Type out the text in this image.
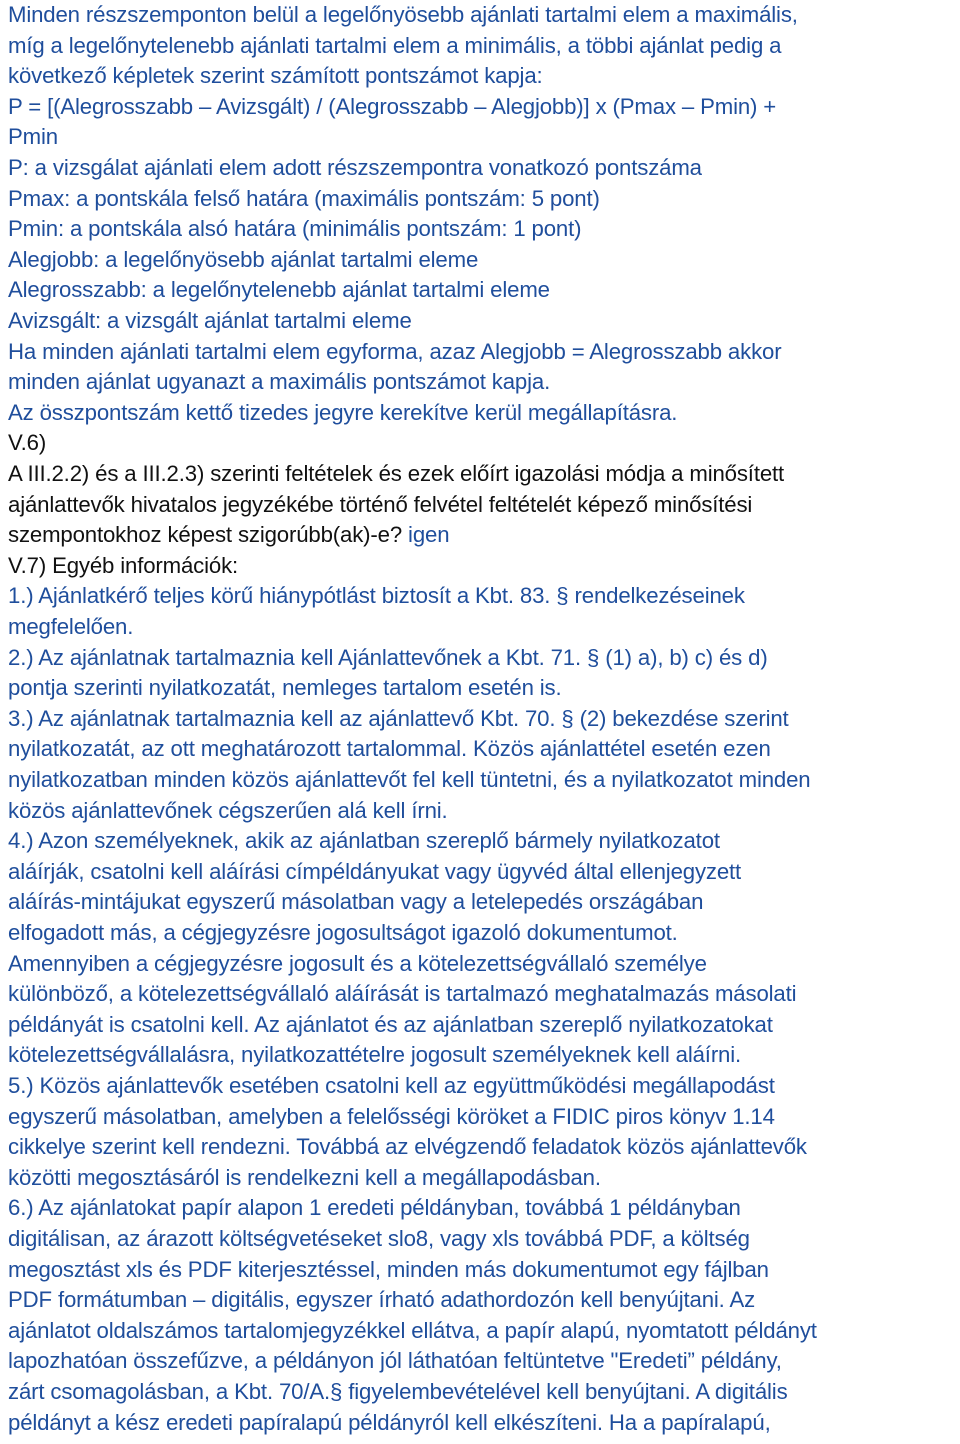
Minden részszemponton belül a legelőnyösebb ajánlati tartalmi elem a maximális,
míg a legelőnytelenebb ajánlati tartalmi elem a minimális, a többi ajánlat pedig a
következő képletek szerint számított pontszámot kapja:
P = [(Alegrosszabb – Avizsgált) / (Alegrosszabb – Alegjobb)] x (Pmax – Pmin) +
Pmin
P: a vizsgálat ajánlati elem adott részszempontra vonatkozó pontszáma
Pmax: a pontskála felső határa (maximális pontszám: 5 pont)
Pmin: a pontskála alsó határa (minimális pontszám: 1 pont)
Alegjobb: a legelőnyösebb ajánlat tartalmi eleme
Alegrosszabb: a legelőnytelenebb ajánlat tartalmi eleme
Avizsgált: a vizsgált ajánlat tartalmi eleme
Ha minden ajánlati tartalmi elem egyforma, azaz Alegjobb = Alegrosszabb akkor
minden ajánlat ugyanazt a maximális pontszámot kapja.
Az összpontszám kettő tizedes jegyre kerekítve kerül megállapításra.
V.6)
A III.2.2) és a III.2.3) szerinti feltételek és ezek előírt igazolási módja a minősített
ajánlattevők hivatalos jegyzékébe történő felvétel feltételét képező minősítési
szempontokhoz képest szigorúbb(ak)-e? igen
V.7) Egyéb információk:
1.) Ajánlatkérő teljes körű hiánypótlást biztosít a Kbt. 83. § rendelkezéseinek
megfelelően.
2.) Az ajánlatnak tartalmaznia kell Ajánlattevőnek a Kbt. 71. § (1) a), b) c) és d)
pontja szerinti nyilatkozatát, nemleges tartalom esetén is.
3.) Az ajánlatnak tartalmaznia kell az ajánlattevő Kbt. 70. § (2) bekezdése szerint
nyilatkozatát, az ott meghatározott tartalommal. Közös ajánlattétel esetén ezen
nyilatkozatban minden közös ajánlattevőt fel kell tüntetni, és a nyilatkozatot minden
közös ajánlattevőnek cégszerűen alá kell írni.
4.) Azon személyeknek, akik az ajánlatban szereplő bármely nyilatkozatot
aláírják, csatolni kell aláírási címpéldányukat vagy ügyvéd által ellenjegyzett
aláírás-mintájukat egyszerű másolatban vagy a letelepedés országában
elfogadott más, a cégjegyzésre jogosultságot igazoló dokumentumot.
Amennyiben a cégjegyzésre jogosult és a kötelezettségvállaló személye
különböző, a kötelezettségvállaló aláírását is tartalmazó meghatalmazás másolati
példányát is csatolni kell. Az ajánlatot és az ajánlatban szereplő nyilatkozatokat
kötelezettségvállalásra, nyilatkozattételre jogosult személyeknek kell aláírni.
5.) Közös ajánlattevők esetében csatolni kell az együttműködési megállapodást
egyszerű másolatban, amelyben a felelősségi köröket a FIDIC piros könyv 1.14
cikkelye szerint kell rendezni. Továbbá az elvégzendő feladatok közös ajánlattevők
közötti megosztásáról is rendelkezni kell a megállapodásban.
6.) Az ajánlatokat papír alapon 1 eredeti példányban, továbbá 1 példányban
digitálisan, az árazott költségvetéseket slo8, vagy xls továbbá PDF, a költség
megosztást xls és PDF kiterjesztéssel, minden más dokumentumot egy fájlban
PDF formátumban – digitális, egyszer írható adathordozón kell benyújtani. Az
ajánlatot oldalszámos tartalomjegyzékkel ellátva, a papír alapú, nyomtatott példányt
lapozhatóan összefűzve, a példányon jól láthatóan feltüntetve "Eredeti” példány,
zárt csomagolásban, a Kbt. 70/A.§ figyelembevételével kell benyújtani. A digitális
példányt a kész eredeti papíralapú példányról kell elkészíteni. Ha a papíralapú,
